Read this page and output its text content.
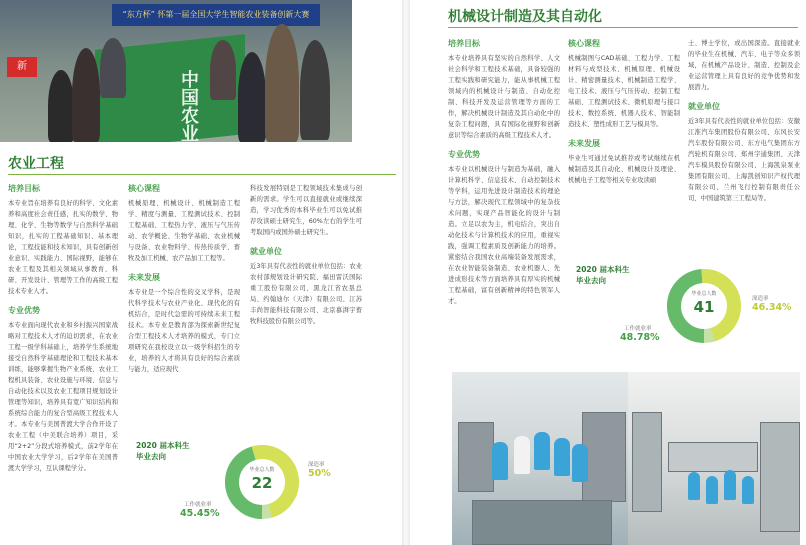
“东方杯” 怀第一届全国大学生智能农业装备创新大赛
新
中国农业
农业工程
培养目标
本专业旨在培养有良好的科学、文化素养和高度社会责任感，扎实的数学、物理、化学、生物等数学与自然科学基础知识，扎实的工程基础知识、基本理论，工程技能和技术知识，具有创新创业意识、实践能力、国际视野，能够在农业工程及其相关领域从事教育、科研、开发设计、管理等工作的高级工程技术专业人才。
专业优势
本专业面向现代农业和乡村振兴国家战略对工程技术人才的迫切需求，在农业工程一级学科基础上，培养学生系统地接受自然科学基础理论和工程技术基本训练，能够掌握生物产业系统、农业工程机具装备、农业设施与环境、信息与自动化技术以及农业工程项目规划设计管理等知识，培养具有宽广知识结构和系统综合能力的复合型高级工程技术人才。本专业与美国普渡大学合作开设了农业工程（中美联合培养）项目，采用“2+2”分段式培养模式，前2学年在中国农业大学学习，后2学年在美国普渡大学学习，互认课程学分。
核心课程
机械原理、机械设计、机械制造工程学、精度与测量、工程测试技术、控制工程基础、工程热力学、液压与气压传动、农学概论、生物学基础、农业机械与设备、农业物料学、传热传质学、畜牧及加工机械、农产品加工工程等。
未来发展
本专业是一个综合性的交叉学科，是现代科学技术与农业产业化、现代化的有机结合，是时代急需的可持续未来工程技术。本专业是教育部为探索新世纪复合型工程技术人才培养的模式，专门立项研究在我校设立以一级学科招生的专业，培养的人才将具有良好的综合素质与能力，适应现代
科技发展特别是工程领域技术集成与创新的需求。学生可以直接就业或继续深造，学习优秀的本科毕业生可以免试推荐攻读硕士研究生，60%左右的学生可考取国内或国外硕士研究生。
就业单位
近3年具有代表性的就业单位包括：农业农村部规划设计研究院、福田雷沃国际重工股份有限公司、黑龙江省农垦总局、约翰迪尔（天津）有限公司、江苏丰尚智能科技有限公司、北京慕湃宇畜牧科技股份有限公司等。
2020 届本科生
毕业去向
毕业总人数
22
深造率
50%
工作就业率
45.45%
机械设计制造及其自动化
培养目标
本专业培养具有坚实的自然科学、人文社会科学和工程技术基础，具备较强的工程实践和研究能力，能从事机械工程领域内的机械设计与制造、自动化控制、科技开发及运营管理等方面的工作，解决机械设计制造及其自动化中的复杂工程问题，具有国际化视野和创新意识等综合素质的高级工程技术人才。
专业优势
本专业以机械设计与制造为基础，融入计算机科学、信息技术、自动控制技术等学科，运用先进设计制造技术的理论与方法，解决现代工程领域中的复杂技术问题，实现产品智能化的设计与制造。立足以农为主，机电结合，突出自动化技术与计算机技术的应用，重视实践，强调工程素质及创新能力的培养。紧密结合我国农业高端装备发展需求，在农业智能装备制造、农业机器人、先进成形技术等方面培养具有厚实的机械工程基础，富有创新精神的特色领军人才。
核心课程
机械制图与CAD基础、工程力学、工程材料与成型技术、机械原理、机械设计、精密测量技术、机械制造工程学、电工技术、液压与气压传动、控制工程基础、工程测试技术、微机原理与接口技术、数控系统、机器人技术、智能制造技术、塑性成形工艺与模具等。
未来发展
毕业生可通过免试推荐或考试继续在机械制造及其自动化、机械设计及理论、机械电子工程等相关专业攻读硕
士、博士学位，或出国深造。直接就业的毕业生在机械、汽车、电子等众多领域，在机械产品设计、制造、控制及企业运营管理上具有良好的竞争优势和发展潜力。
就业单位
近3年具有代表性的就业单位包括：安徽江淮汽车集团股份有限公司、东风长安汽车股份有限公司、东方电气集团东方汽轮机有限公司、郑州宇通集团、天津汽车模具股份有限公司、上海凯泉泵业集团有限公司、上海凯创知识产权代理有限公司、兰州飞行控制有限责任公司、中国建筑第三工程局等。
2020 届本科生
毕业去向
毕业总人数
41	深造率
46.34%
工作就业率
48.78%
